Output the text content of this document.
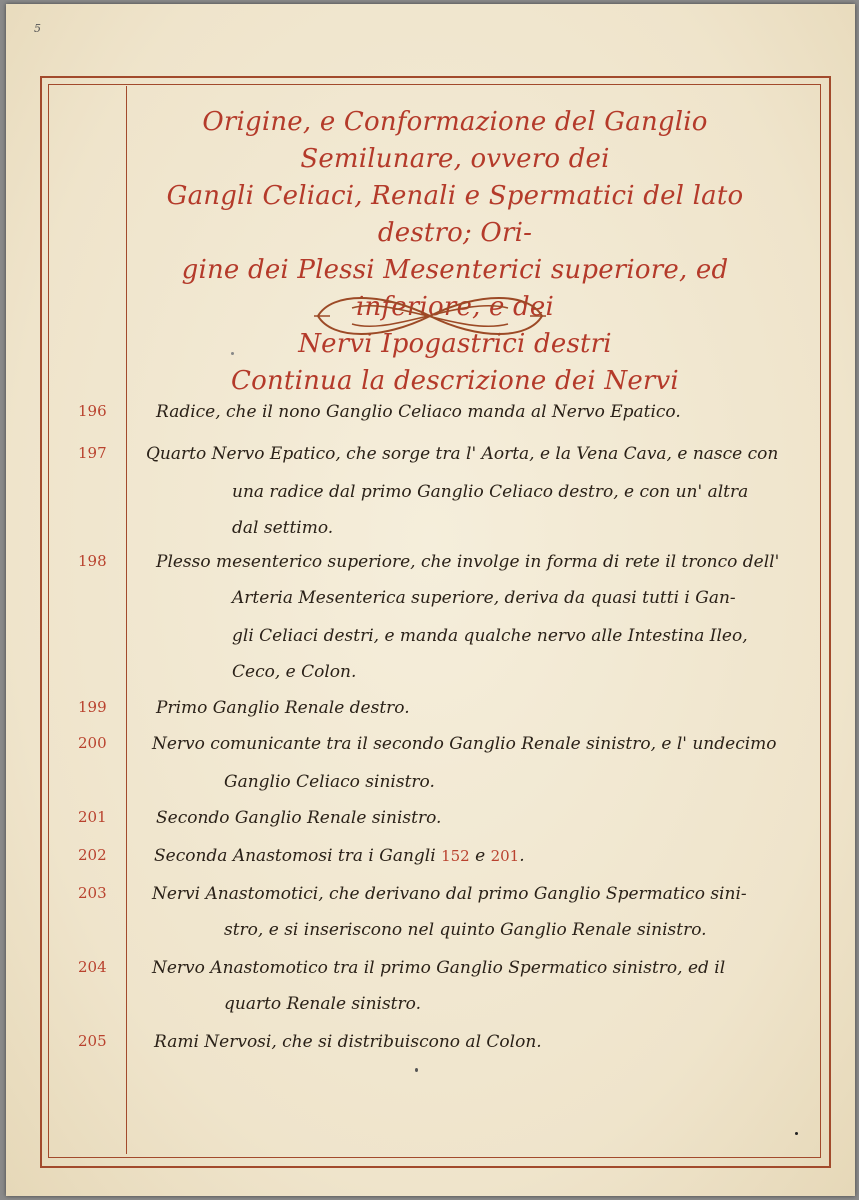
5
Origine, e Conformazione del Ganglio Semilunare, ovvero dei
Gangli Celiaci, Renali e Spermatici del lato destro; Ori-
gine dei Plessi Mesenterici superiore, ed inferiore, e dei
Nervi Ipogastrici destri
Continua la descrizione dei Nervi
196	Radice, che il nono Ganglio Celiaco manda al Nervo Epatico.
197	Quarto Nervo Epatico, che sorge tra l' Aorta, e la Vena Cava, e nasce con
una radice dal primo Ganglio Celiaco destro, e con un' altra
dal settimo.
198	Plesso mesenterico superiore, che involge in forma di rete il tronco dell'
Arteria Mesenterica superiore, deriva da quasi tutti i Gan-
gli Celiaci destri, e manda qualche nervo alle Intestina Ileo,
Ceco, e Colon.
199	Primo Ganglio Renale destro.
200	Nervo comunicante tra il secondo Ganglio Renale sinistro, e l' undecimo
Ganglio Celiaco sinistro.
201	Secondo Ganglio Renale sinistro.
202	Seconda Anastomosi tra i Gangli 152 e 201.
203	Nervi Anastomotici, che derivano dal primo Ganglio Spermatico sini-
stro, e si inseriscono nel quinto Ganglio Renale sinistro.
204	Nervo Anastomotico tra il primo Ganglio Spermatico sinistro, ed il
quarto Renale sinistro.
205	Rami Nervosi, che si distribuiscono al Colon.
